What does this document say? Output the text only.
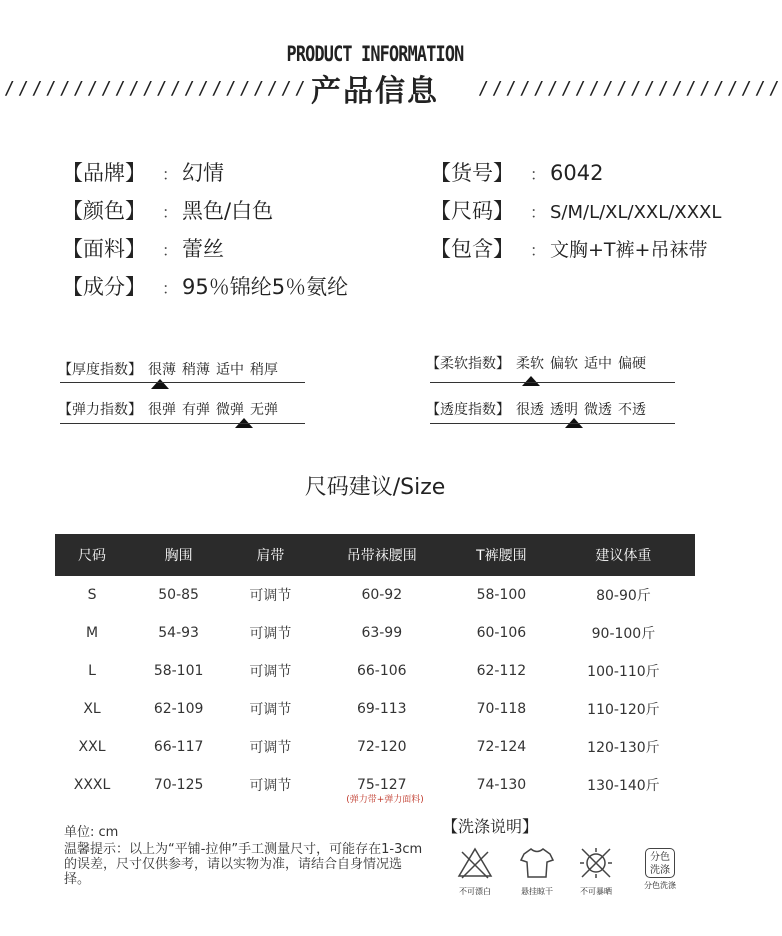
PRODUCT INFORMATION
////////////////////// 产品信息	//////////////////////
【品牌】 ： 幻情
【颜色】 ： 黑色/白色
【面料】 ： 蕾丝
【成分】 ： 95％锦纶5％氨纶
【货号】 ： 6042
【尺码】 ： S/M/L/XL/XXL/XXXL
【包含】 ： 文胸+T裤+吊袜带
【厚度指数】 很薄 稍薄 适中 稍厚
【弹力指数】 很弹 有弹 微弹 无弹
【柔软指数】 柔软 偏软 适中 偏硬
【透度指数】 很透 透明 微透 不透
尺码建议/Size
尺码	胸围	肩带	吊带袜腰围	T裤腰围	建议体重
S	50-85	可调节	60-92	58-100	80-90斤
M	54-93	可调节	63-99	60-106	90-100斤
L	58-101	可调节	66-106	62-112	100-110斤
XL	62-109	可调节	69-113	70-118	110-120斤
XXL	66-117	可调节	72-120	72-124	120-130斤
XXXL	70-125	可调节	75-127	74-130	130-140斤
(弹力带+弹力面料)
单位: cm
温馨提示：以上为“平铺-拉伸”手工测量尺寸，可能存在1-3cm的误差，尺寸仅供参考，请以实物为准，请结合自身情况选择。
【洗涤说明】
不可漂白	悬挂晾干	不可暴晒
分色洗涤
分色洗涤
